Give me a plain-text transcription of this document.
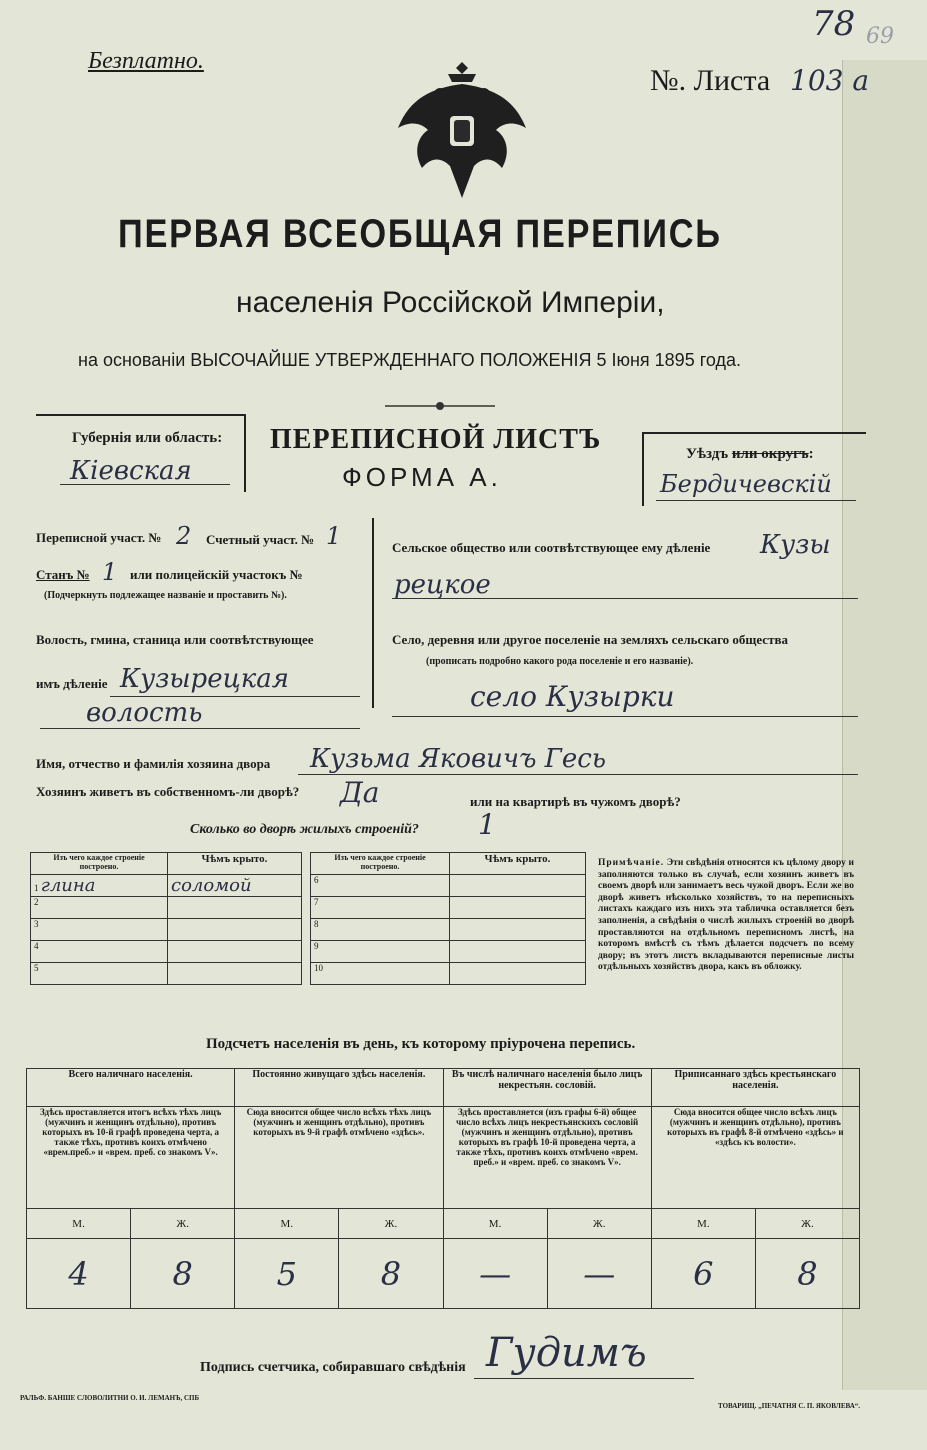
Безплатно.
№. Листа 103 а
78 69
ПЕРВАЯ ВСЕОБЩАЯ ПЕРЕПИСЬ
населенія Россійской Имперіи,
на основаніи ВЫСОЧАЙШЕ УТВЕРЖДЕННАГО ПОЛОЖЕНІЯ 5 Іюня 1895 года.
Губернія или область:
Кіевская
ПЕРЕПИСНОЙ ЛИСТЪ
ФОРМА А.
Уѣздъ или округъ:
Бердичевскій
Переписной участ. № 2 Счетный участ. № 1
Станъ № 1 или полицейскій участокъ №
(Подчеркнуть подлежащее названіе и проставить №).
Волость, гмина, станица или соотвѣтствующее
имъ дѣленіе Кузырецкая
волость
Сельское общество или соотвѣтствующее ему дѣленіе Кузы
рецкое
Село, деревня или другое поселеніе на земляхъ сельскаго общества
(прописать подробно какого рода поселеніе и его названіе).
село Кузырки
Имя, отчество и фамилія хозяина двора Кузьма Яковичъ Гесь
Хозяинъ живетъ въ собственномъ-ли дворѣ? Да	или на квартирѣ въ чужомъ дворѣ?
Сколько во дворѣ жилыхъ строеній? 1
Изъ чего каждое строеніе построено.	Чѣмъ крыто.
1 глина	соломой
2	
3	
4	
5	
Изъ чего каждое строеніе построено.	Чѣмъ крыто.
6	
7	
8	
9	
10	
Примѣчаніе. Эти свѣдѣнія относятся къ цѣлому двору и заполняются только въ случаѣ, если хозяинъ живетъ въ своемъ дворѣ или занимаетъ весь чужой дворъ. Если же во дворѣ живетъ нѣсколько хозяйствъ, то на переписныхъ листахъ каждаго изъ нихъ эта табличка оставляется безъ заполненія, а свѣдѣнія о числѣ жилыхъ строеній во дворѣ проставляются на отдѣльномъ переписномъ листѣ, на которомъ вмѣстѣ съ тѣмъ дѣлается подсчетъ по всему двору; въ этотъ листъ вкладываются переписные листы отдѣльныхъ хозяйствъ двора, какъ въ обложку.
Подсчетъ населенія въ день, къ которому пріурочена перепись.
Всего наличнаго населенія.		Постоянно живущаго здѣсь населенія.		Въ числѣ наличнаго населенія было лицъ некрестьян. сословій.		Приписаннаго здѣсь крестьянскаго населенія.	
Здѣсь проставляется итогъ всѣхъ тѣхъ лицъ (мужчинъ и женщинъ отдѣльно), противъ которыхъ въ 10-й графѣ проведена черта, а также тѣхъ, противъ коихъ отмѣчено «врем.преб.» и «врем. преб. со знакомъ V».		Сюда вносится общее число всѣхъ тѣхъ лицъ (мужчинъ и женщинъ отдѣльно), противъ которыхъ въ 9-й графѣ отмѣчено «здѣсь».		Здѣсь проставляется (изъ графы 6-й) общее число всѣхъ лицъ некрестьянскихъ сословій (мужчинъ и женщинъ отдѣльно), противъ которыхъ въ графѣ 10-й проведена черта, а также тѣхъ, противъ коихъ отмѣчено «врем. преб.» и «врем. преб. со знакомъ V».		Сюда вносится общее число всѣхъ лицъ (мужчинъ и женщинъ отдѣльно), противъ которыхъ въ графѣ 8-й отмѣчено «здѣсь» и «здѣсь къ волости».	
М.	Ж.	М.	Ж.	М.	Ж.	М.	Ж.
4	8	5	8	—	—	6	8
Подпись счетчика, собиравшаго свѣдѣнія Гудимъ
РАЛЬФ. БАНШЕ СЛОВОЛИТНИ О. И. ЛЕМАНЪ, СПБ
ТОВАРИЩ. „ПЕЧАТНЯ С. П. ЯКОВЛЕВА“.
